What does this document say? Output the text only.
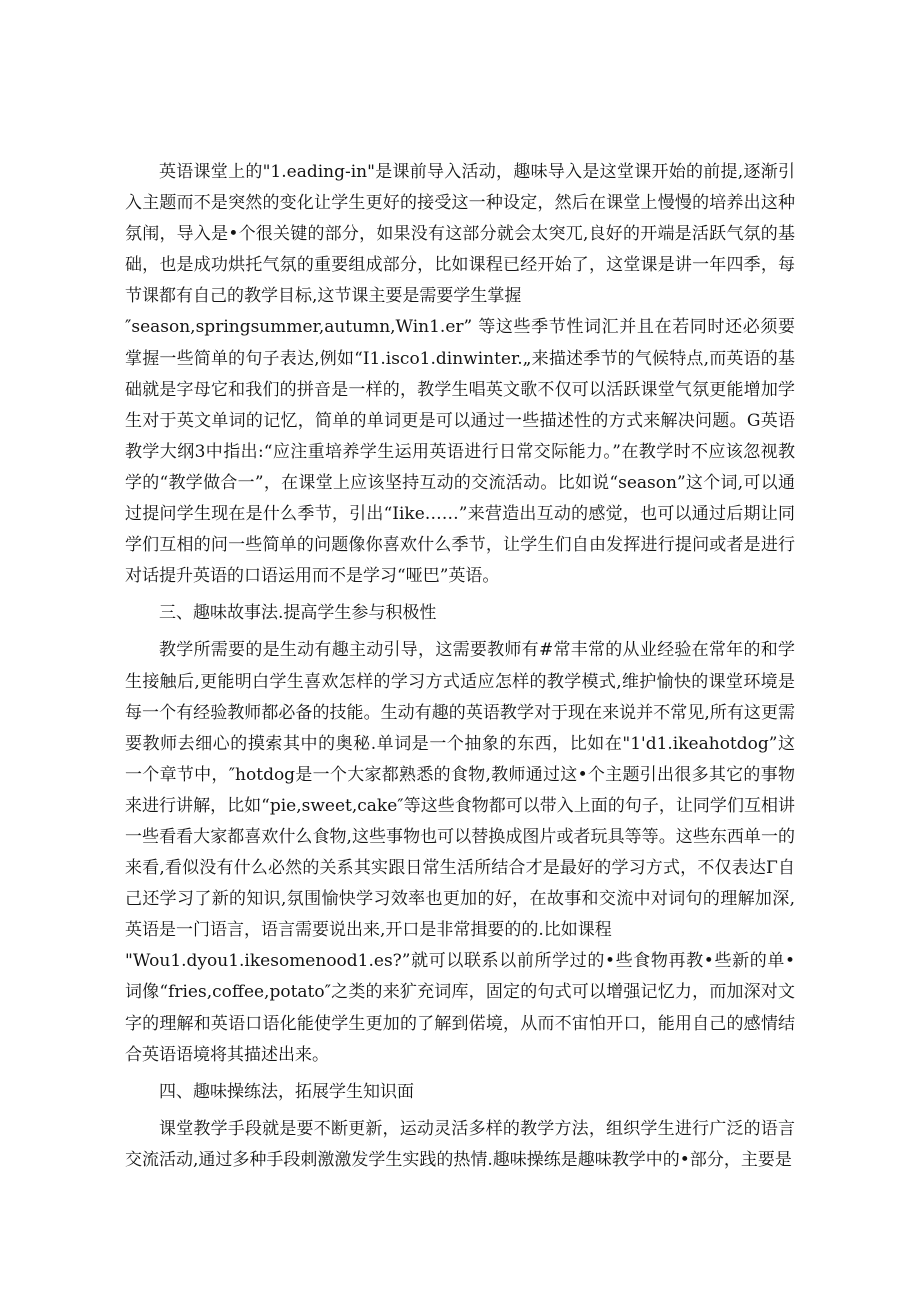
英语课堂上的"1.eading-in"是课前导入活动，趣味导入是这堂课开始的前提,逐渐引入主题而不是突然的变化让学生更好的接受这一种设定，然后在课堂上慢慢的培养出这种氛闱，导入是•个很关键的部分，如果没有这部分就会太突兀,良好的开端是活跃气氛的基础，也是成功烘托气氛的重要组成部分，比如课程已经开始了，这堂课是讲一年四季，每节课都有自己的教学目标,这节课主要是需要学生掌握

″season,springsummer,autumn,Win1.er” 等这些季节性词汇并且在若同时还必须要掌握一些简单的句子表达,例如“I1.isco1.dinwinter.„来描述季节的气候特点,而英语的基础就是字母它和我们的拼音是一样的，教学生唱英文歌不仅可以活跃课堂气氛更能增加学生对于英文单词的记忆，简单的单词更是可以通过一些描述性的方式来解决问题。G英语教学大纲3中指出:“应注重培养学生运用英语进行日常交际能力。”在教学时不应该忽视教学的“教学做合一”，在课堂上应该坚持互动的交流活动。比如说“season”这个词,可以通过提问学生现在是什么季节，引出“Iike……”来营造出互动的感觉，也可以通过后期让同学们互相的问一些简单的问题像你喜欢什么季节，让学生们自由发挥进行提问或者是进行对话提升英语的口语运用而不是学习“哑巴”英语。

三、趣味故事法.提高学生参与积极性

教学所需要的是生动有趣主动引导，这需要教师有#常丰常的从业经验在常年的和学生接触后,更能明白学生喜欢怎样的学习方式适应怎样的教学模式,维护愉快的课堂环境是每一个有经验教师都必备的技能。生动有趣的英语教学对于现在来说并不常见,所有这更需要教师去细心的摸索其中的奥秘.单词是一个抽象的东西，比如在"1'd1.ikeahotdog”这一个章节中，″hotdog是一个大家都熟悉的食物,教师通过这•个主题引出很多其它的事物来进行讲解，比如“pie,sweet,cake″等这些食物都可以带入上面的句子，让同学们互相讲一些看看大家都喜欢什么食物,这些事物也可以替换成图片或者玩具等等。这些东西单一的来看,看似没有什么必然的关系其实跟日常生活所结合才是最好的学习方式，不仅表达Γ自己还学习了新的知识,氛围愉快学习效率也更加的好，在故事和交流中对词句的理解加深,英语是一门语言，语言需要说出来,开口是非常揖要的的.比如课程

"Wou1.dyou1.ikesomenood1.es?”就可以联系以前所学过的•些食物再教•些新的单•词像“fries,coffee,potato″之类的来犷充词库，固定的句式可以增强记忆力，而加深对文字的理解和英语口语化能使学生更加的了解到偌境，从而不宙怕开口，能用自己的感情结合英语语境将其描述出来。

四、趣味操练法，拓展学生知识面

课堂教学手段就是要不断更新，运动灵活多样的教学方法，组织学生进行广泛的语言交流活动,通过多种手段刺激激发学生实践的热情.趣味操练是趣味教学中的•部分，主要是
